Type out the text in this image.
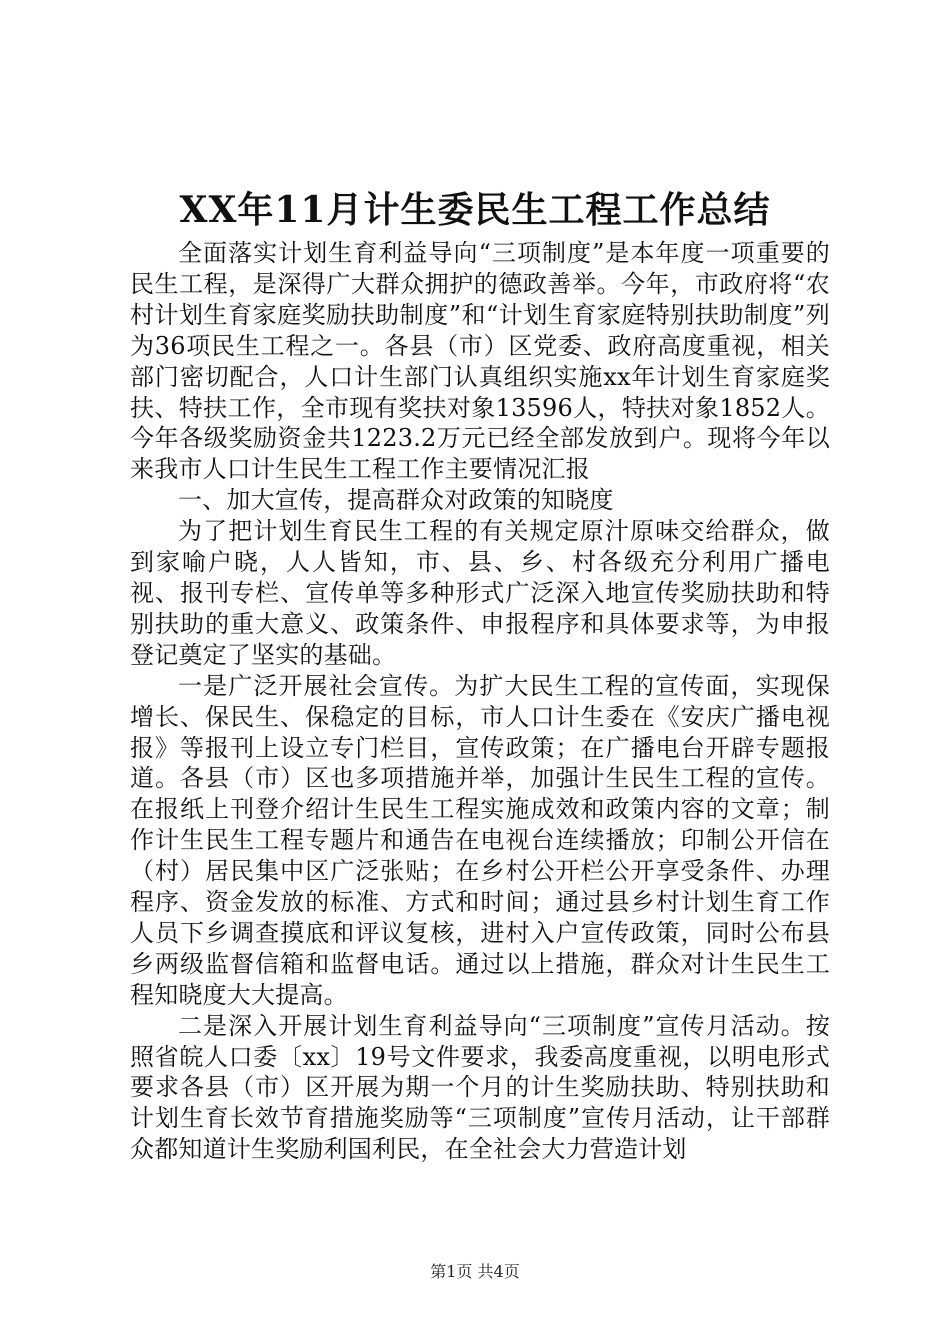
XX年11月计生委民生工程工作总结

全面落实计划生育利益导向“三项制度”是本年度一项重要的民生工程，是深得广大群众拥护的德政善举。今年，市政府将“农村计划生育家庭奖励扶助制度”和“计划生育家庭特别扶助制度”列为36项民生工程之一。各县（市）区党委、政府高度重视，相关部门密切配合，人口计生部门认真组织实施xx年计划生育家庭奖扶、特扶工作，全市现有奖扶对象13596人，特扶对象1852人。今年各级奖励资金共1223.2万元已经全部发放到户。现将今年以来我市人口计生民生工程工作主要情况汇报

一、加大宣传，提高群众对政策的知晓度

为了把计划生育民生工程的有关规定原汁原味交给群众，做到家喻户晓，人人皆知，市、县、乡、村各级充分利用广播电视、报刊专栏、宣传单等多种形式广泛深入地宣传奖励扶助和特别扶助的重大意义、政策条件、申报程序和具体要求等，为申报登记奠定了坚实的基础。

一是广泛开展社会宣传。为扩大民生工程的宣传面，实现保增长、保民生、保稳定的目标，市人口计生委在《安庆广播电视报》等报刊上设立专门栏目，宣传政策；在广播电台开辟专题报道。各县（市）区也多项措施并举，加强计生民生工程的宣传。在报纸上刊登介绍计生民生工程实施成效和政策内容的文章；制作计生民生工程专题片和通告在电视台连续播放；印制公开信在（村）居民集中区广泛张贴；在乡村公开栏公开享受条件、办理程序、资金发放的标准、方式和时间；通过县乡村计划生育工作人员下乡调查摸底和评议复核，进村入户宣传政策，同时公布县乡两级监督信箱和监督电话。通过以上措施，群众对计生民生工程知晓度大大提高。

二是深入开展计划生育利益导向“三项制度”宣传月活动。按照省皖人口委〔xx〕19号文件要求，我委高度重视，以明电形式要求各县（市）区开展为期一个月的计生奖励扶助、特别扶助和计划生育长效节育措施奖励等“三项制度”宣传月活动，让干部群众都知道计生奖励利国利民，在全社会大力营造计划

第1页 共4页
